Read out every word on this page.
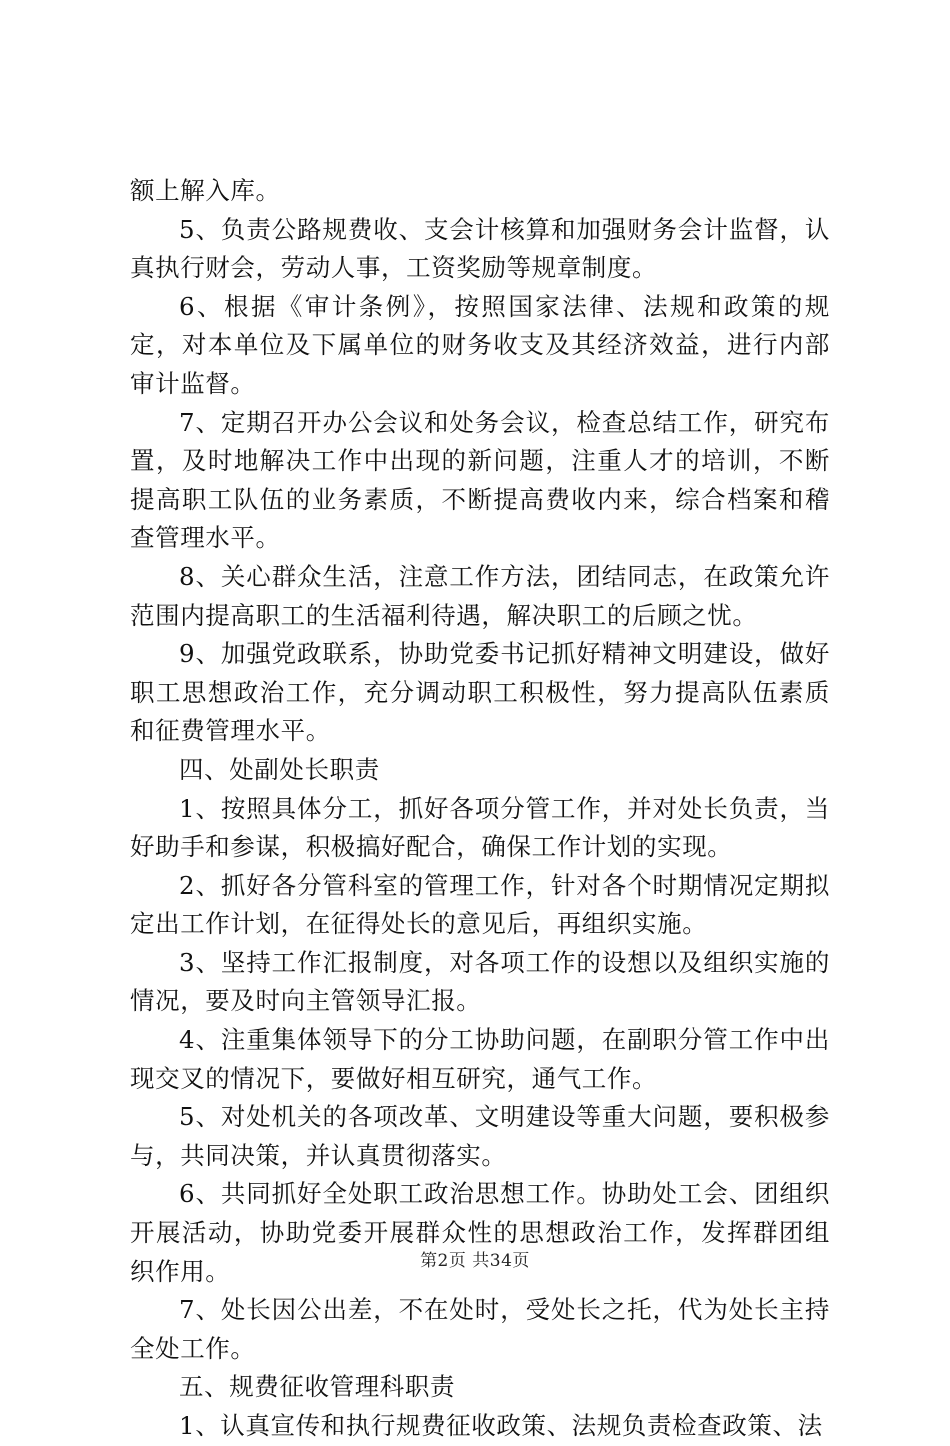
额上解入库。

5、负责公路规费收、支会计核算和加强财务会计监督，认真执行财会，劳动人事，工资奖励等规章制度。

6、根据《审计条例》，按照国家法律、法规和政策的规定，对本单位及下属单位的财务收支及其经济效益，进行内部审计监督。

7、定期召开办公会议和处务会议，检查总结工作，研究布置，及时地解决工作中出现的新问题，注重人才的培训，不断提高职工队伍的业务素质，不断提高费收内来，综合档案和稽查管理水平。

8、关心群众生活，注意工作方法，团结同志，在政策允许范围内提高职工的生活福利待遇，解决职工的后顾之忧。

9、加强党政联系，协助党委书记抓好精神文明建设，做好职工思想政治工作，充分调动职工积极性，努力提高队伍素质和征费管理水平。

四、处副处长职责

1、按照具体分工，抓好各项分管工作，并对处长负责，当好助手和参谋，积极搞好配合，确保工作计划的实现。

2、抓好各分管科室的管理工作，针对各个时期情况定期拟定出工作计划，在征得处长的意见后，再组织实施。

3、坚持工作汇报制度，对各项工作的设想以及组织实施的情况，要及时向主管领导汇报。

4、注重集体领导下的分工协助问题，在副职分管工作中出现交叉的情况下，要做好相互研究，通气工作。

5、对处机关的各项改革、文明建设等重大问题，要积极参与，共同决策，并认真贯彻落实。

6、共同抓好全处职工政治思想工作。协助处工会、团组织开展活动，协助党委开展群众性的思想政治工作，发挥群团组织作用。

7、处长因公出差，不在处时，受处长之托，代为处长主持全处工作。

五、规费征收管理科职责

1、认真宣传和执行规费征收政策、法规负责检查政策、法

第2页 共34页
